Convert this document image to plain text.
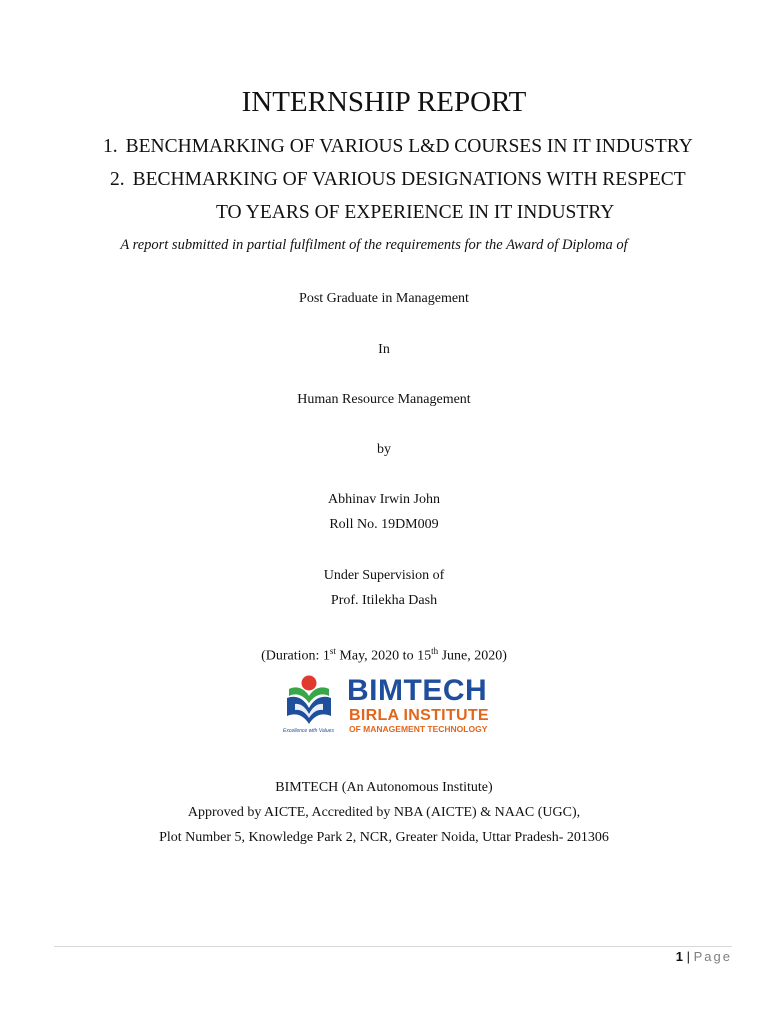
INTERNSHIP REPORT
1. BENCHMARKING OF VARIOUS L&D COURSES IN IT INDUSTRY
2. BECHMARKING OF VARIOUS DESIGNATIONS WITH RESPECT
TO YEARS OF EXPERIENCE IN IT INDUSTRY
A report submitted in partial fulfilment of the requirements for the Award of Diploma of
Post Graduate in Management
In
Human Resource Management
by
Abhinav Irwin John
Roll No. 19DM009
Under Supervision of
Prof. Itilekha Dash
(Duration: 1st May, 2020 to 15th June, 2020)
Excellence with Values
BIMTECH
BIRLA INSTITUTE
OF MANAGEMENT TECHNOLOGY
BIMTECH (An Autonomous Institute)
Approved by AICTE, Accredited by NBA (AICTE) & NAAC (UGC),
Plot Number 5, Knowledge Park 2, NCR, Greater Noida, Uttar Pradesh- 201306
1 | Page
